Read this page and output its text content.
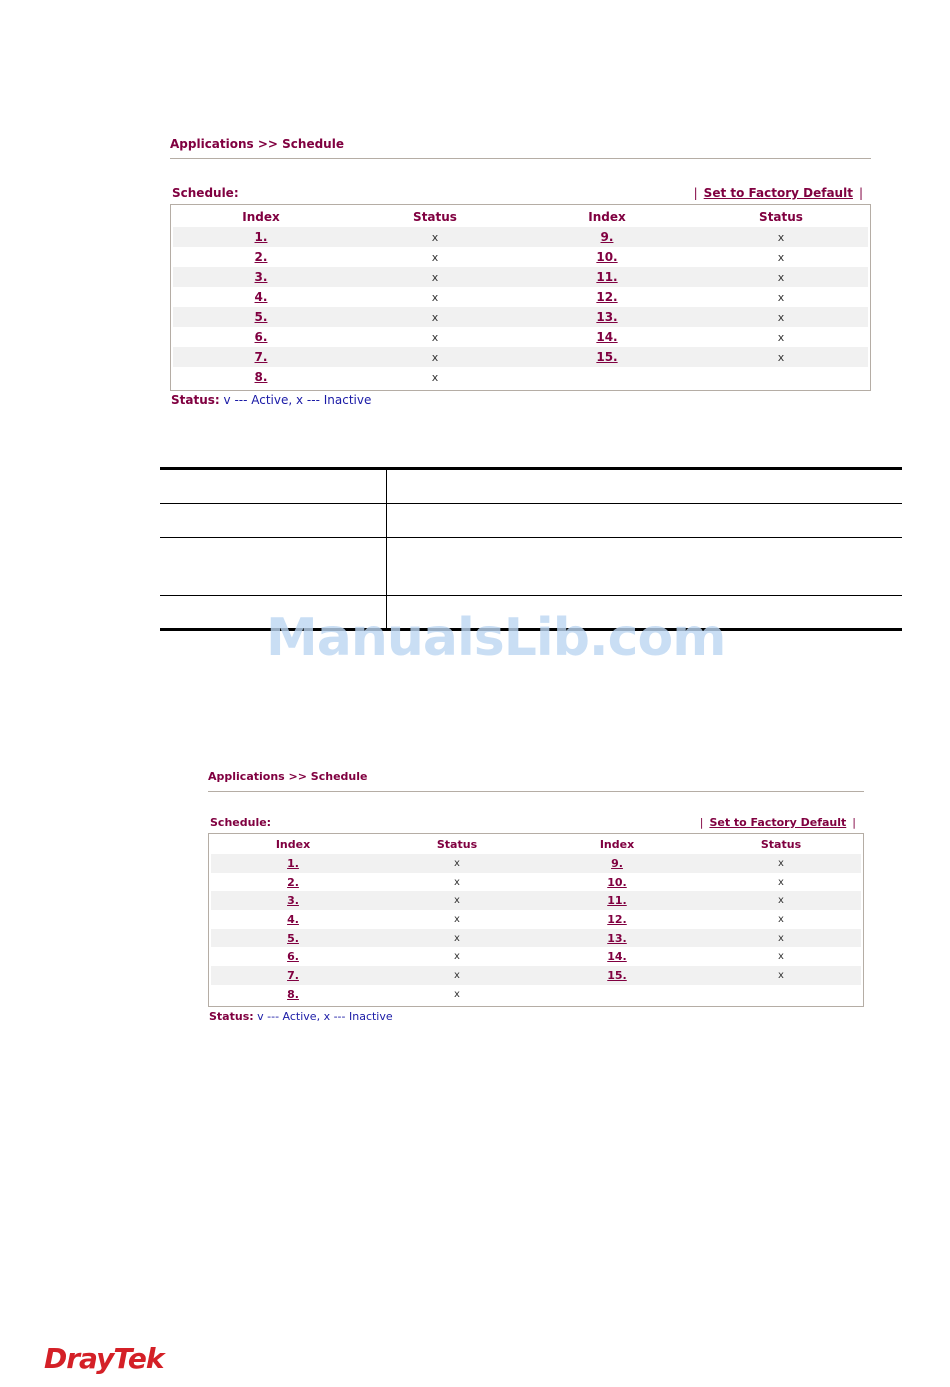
Applications >> Schedule
Schedule:	| Set to Factory Default |
Index	Status	Index	Status
1.	x	9.	x
2.	x	10.	x
3.	x	11.	x
4.	x	12.	x
5.	x	13.	x
6.	x	14.	x
7.	x	15.	x
8.	x
Status: v --- Active, x --- Inactive
ManualsLib.com
Applications >> Schedule
Schedule:	| Set to Factory Default |
Index	Status	Index	Status
1.	x	9.	x
2.	x	10.	x
3.	x	11.	x
4.	x	12.	x
5.	x	13.	x
6.	x	14.	x
7.	x	15.	x
8.	x
Status: v --- Active, x --- Inactive
DrayTek
